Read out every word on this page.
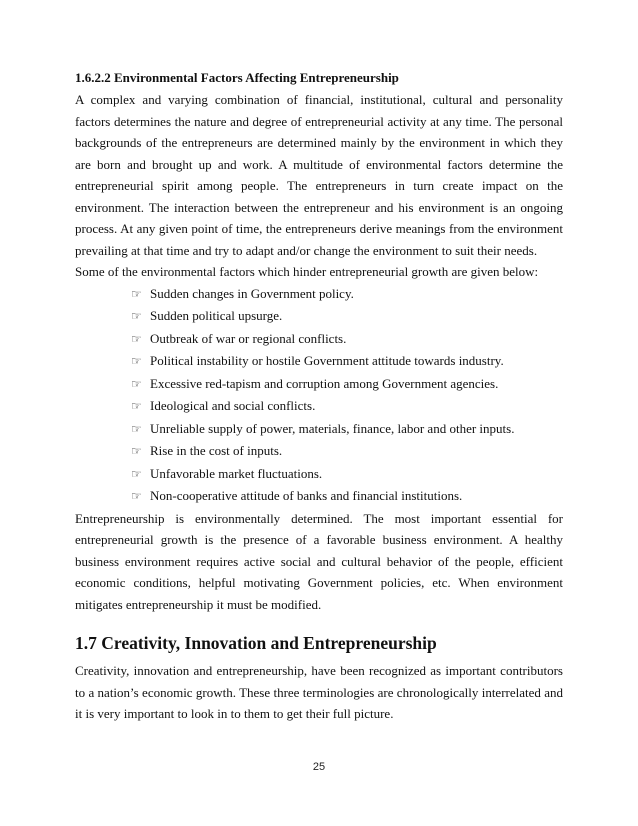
1.6.2.2 Environmental Factors Affecting Entrepreneurship

A complex and varying combination of financial, institutional, cultural and personality factors determines the nature and degree of entrepreneurial activity at any time. The personal backgrounds of the entrepreneurs are determined mainly by the environment in which they are born and brought up and work. A multitude of environmental factors determine the entrepreneurial spirit among people. The entrepreneurs in turn create impact on the environment. The interaction between the entrepreneur and his environment is an ongoing process. At any given point of time, the entrepreneurs derive meanings from the environment prevailing at that time and try to adapt and/or change the environment to suit their needs.

Some of the environmental factors which hinder entrepreneurial growth are given below:

☞ Sudden changes in Government policy.
☞ Sudden political upsurge.
☞ Outbreak of war or regional conflicts.
☞ Political instability or hostile Government attitude towards industry.
☞ Excessive red-tapism and corruption among Government agencies.
☞ Ideological and social conflicts.
☞ Unreliable supply of power, materials, finance, labor and other inputs.
☞ Rise in the cost of inputs.
☞ Unfavorable market fluctuations.
☞ Non-cooperative attitude of banks and financial institutions.

Entrepreneurship is environmentally determined. The most important essential for entrepreneurial growth is the presence of a favorable business environment. A healthy business environment requires active social and cultural behavior of the people, efficient economic conditions, helpful motivating Government policies, etc. When environment mitigates entrepreneurship it must be modified.

1.7 Creativity, Innovation and Entrepreneurship

Creativity, innovation and entrepreneurship, have been recognized as important contributors to a nation’s economic growth. These three terminologies are chronologically interrelated and it is very important to look in to them to get their full picture.

25
